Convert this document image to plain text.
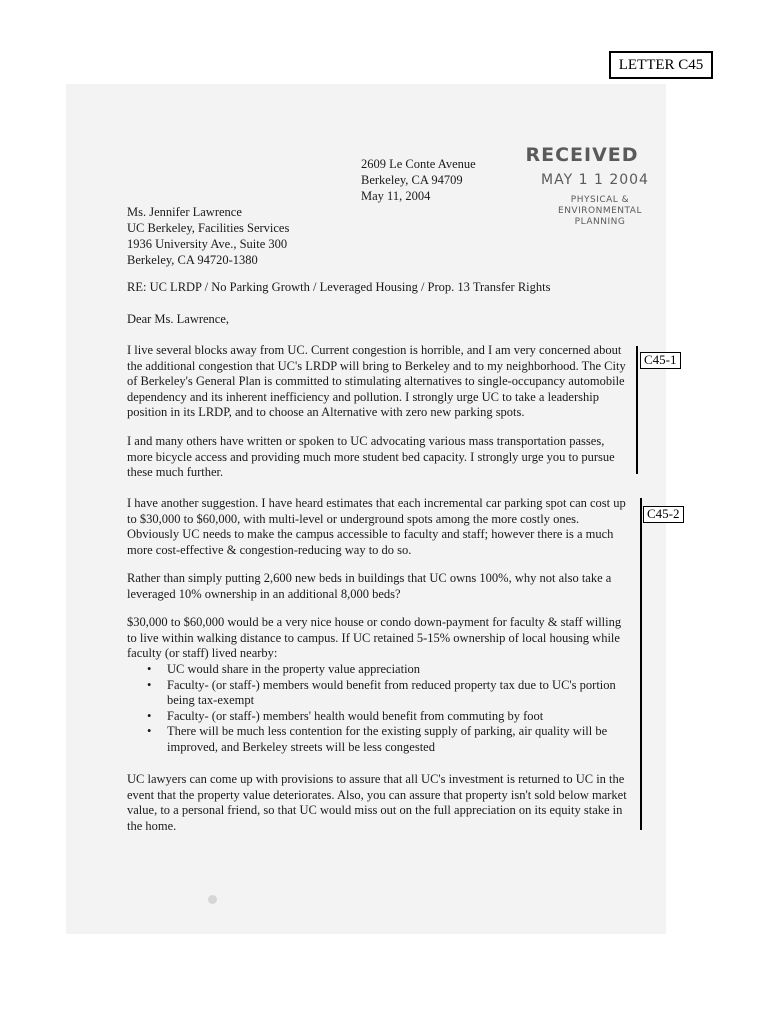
LETTER C45
RECEIVED
MAY 1 1 2004
PHYSICAL & ENVIRONMENTAL
PLANNING
2609 Le Conte Avenue
Berkeley, CA 94709
May 11, 2004
Ms. Jennifer Lawrence
UC Berkeley, Facilities Services
1936 University Ave., Suite 300
Berkeley, CA 94720-1380
RE: UC LRDP / No Parking Growth / Leveraged Housing / Prop. 13 Transfer Rights
Dear Ms. Lawrence,

I live several blocks away from UC. Current congestion is horrible, and I am very concerned about the additional congestion that UC's LRDP will bring to Berkeley and to my neighborhood. The City of Berkeley's General Plan is committed to stimulating alternatives to single-occupancy automobile dependency and its inherent inefficiency and pollution. I strongly urge UC to take a leadership position in its LRDP, and to choose an Alternative with zero new parking spots.

I and many others have written or spoken to UC advocating various mass transportation passes, more bicycle access and providing much more student bed capacity. I strongly urge you to pursue these much further.

I have another suggestion. I have heard estimates that each incremental car parking spot can cost up to $30,000 to $60,000, with multi-level or underground spots among the more costly ones. Obviously UC needs to make the campus accessible to faculty and staff; however there is a much more cost-effective & congestion-reducing way to do so.

Rather than simply putting 2,600 new beds in buildings that UC owns 100%, why not also take a leveraged 10% ownership in an additional 8,000 beds?

$30,000 to $60,000 would be a very nice house or condo down-payment for faculty & staff willing to live within walking distance to campus. If UC retained 5-15% ownership of local housing while faculty (or staff) lived nearby:

• UC would share in the property value appreciation
• Faculty- (or staff-) members would benefit from reduced property tax due to UC's portion being tax-exempt
• Faculty- (or staff-) members' health would benefit from commuting by foot
• There will be much less contention for the existing supply of parking, air quality will be improved, and Berkeley streets will be less congested

UC lawyers can come up with provisions to assure that all UC's investment is returned to UC in the event that the property value deteriorates. Also, you can assure that property isn't sold below market value, to a personal friend, so that UC would miss out on the full appreciation on its equity stake in the home.

C45-1
C45-2
